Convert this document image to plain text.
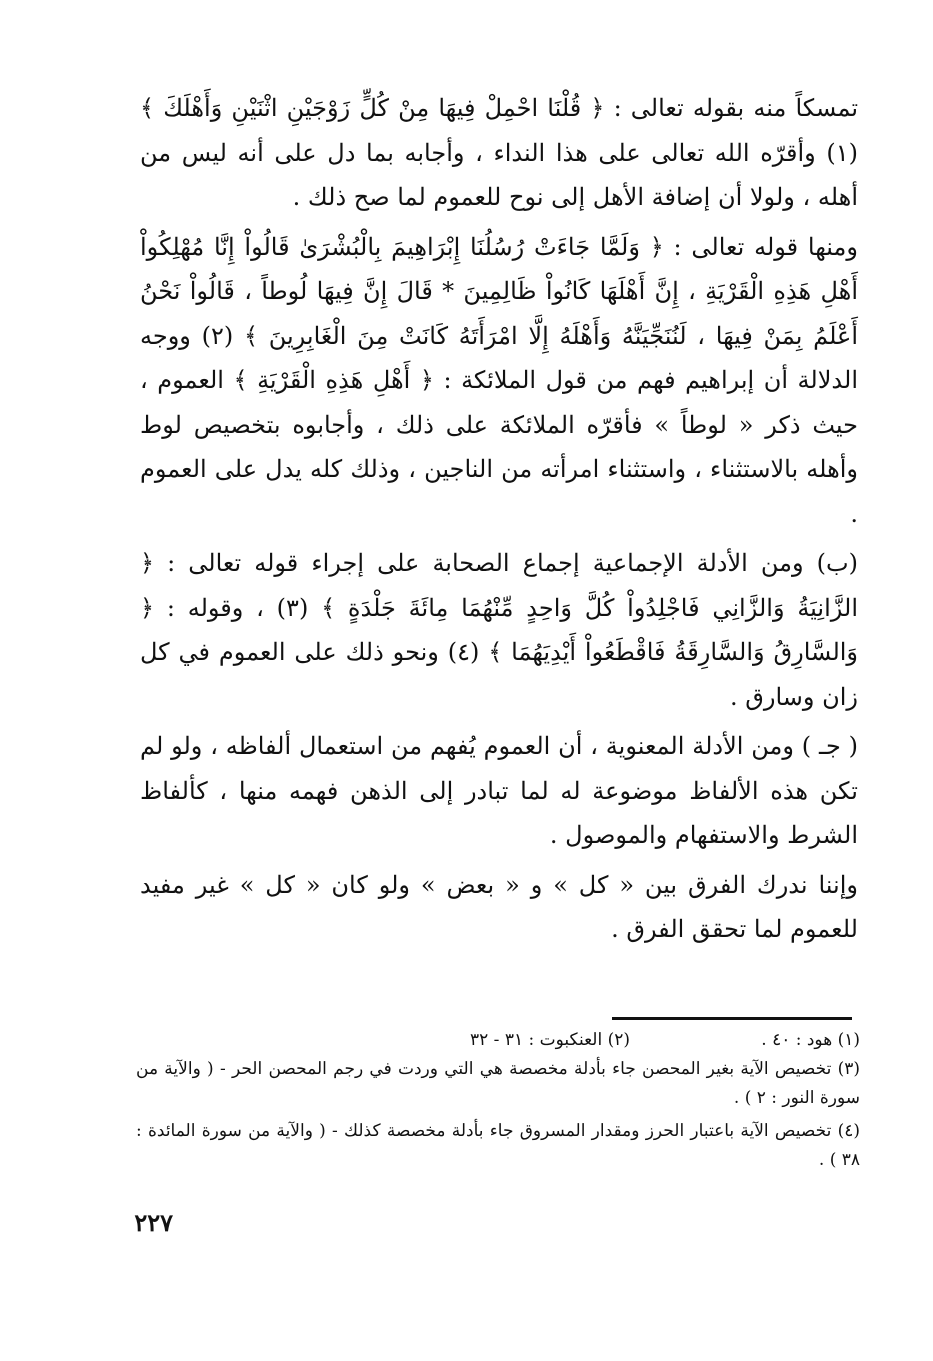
تمسكاً منه بقوله تعالى : ﴿ قُلْنَا احْمِلْ فِيهَا مِنْ كُلٍّ زَوْجَيْنِ اثْنَيْنِ وَأَهْلَكَ ﴾ (١) وأقرّه الله تعالى على هذا النداء ، وأجابه بما دل على أنه ليس من أهله ، ولولا أن إضافة الأهل إلى نوح للعموم لما صح ذلك .

ومنها قوله تعالى : ﴿ وَلَمَّا جَاءَتْ رُسُلُنَا إِبْرَاهِيمَ بِالْبُشْرَىٰ قَالُواْ إِنَّا مُهْلِكُواْ أَهْلِ هَذِهِ الْقَرْيَةِ ، إِنَّ أَهْلَهَا كَانُواْ ظَالِمِينَ * قَالَ إِنَّ فِيهَا لُوطاً ، قَالُواْ نَحْنُ أَعْلَمُ بِمَنْ فِيهَا ، لَنُنَجِّيَنَّهُ وَأَهْلَهُ إِلَّا امْرَأَتَهُ كَانَتْ مِنَ الْغَابِرِينَ ﴾ (٢) ووجه الدلالة أن إبراهيم فهم من قول الملائكة : ﴿ أَهْلِ هَذِهِ الْقَرْيَةِ ﴾ العموم ، حيث ذكر « لوطاً » فأقرّه الملائكة على ذلك ، وأجابوه بتخصيص لوط وأهله بالاستثناء ، واستثناء امرأته من الناجين ، وذلك كله يدل على العموم .

(ب) ومن الأدلة الإجماعية إجماع الصحابة على إجراء قوله تعالى : ﴿ الزَّانِيَةُ وَالزَّانِي فَاجْلِدُواْ كُلَّ وَاحِدٍ مِّنْهُمَا مِائَةَ جَلْدَةٍ ﴾ (٣) ، وقوله : ﴿ وَالسَّارِقُ وَالسَّارِقَةُ فَاقْطَعُواْ أَيْدِيَهُمَا ﴾ (٤) ونحو ذلك على العموم في كل زان وسارق .

( جـ ) ومن الأدلة المعنوية ، أن العموم يُفهم من استعمال ألفاظه ، ولو لم تكن هذه الألفاظ موضوعة له لما تبادر إلى الذهن فهمه منها ، كألفاظ الشرط والاستفهام والموصول .

وإننا ندرك الفرق بين « كل » و « بعض » ولو كان « كل » غير مفيد للعموم لما تحقق الفرق .

(١) هود : ٤٠ .
(٢) العنكبوت : ٣١ - ٣٢

(٣) تخصيص الآية بغير المحصن جاء بأدلة مخصصة هي التي وردت في رجم المحصن الحر - ( والآية من سورة النور : ٢ ) .

(٤) تخصيص الآية باعتبار الحرز ومقدار المسروق جاء بأدلة مخصصة كذلك - ( والآية من سورة المائدة : ٣٨ ) .

٢٢٧
